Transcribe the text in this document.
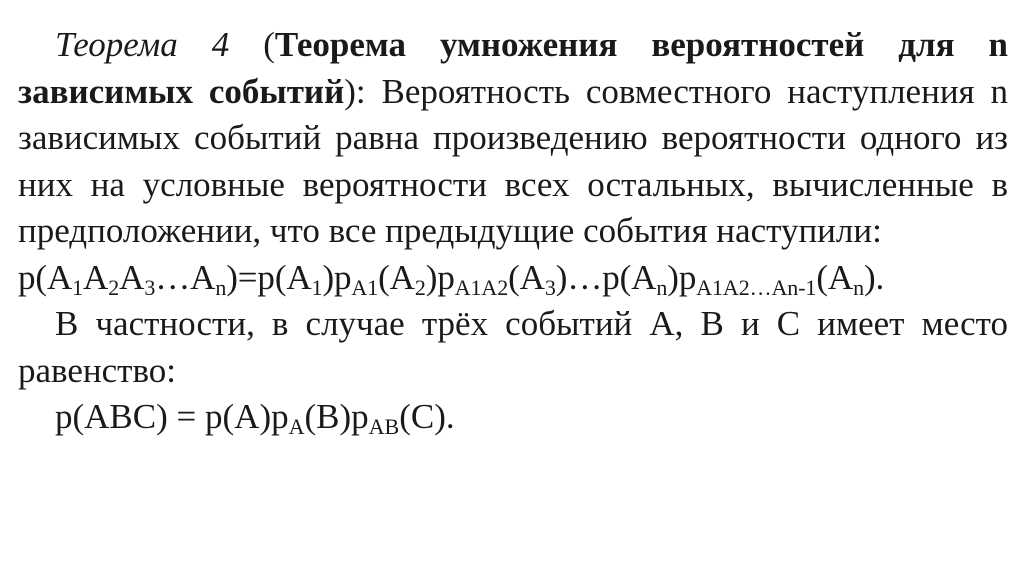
Теорема 4 (Теорема умножения вероятностей для n зависимых событий): Вероятность совместного наступления n зависимых событий равна произведению вероятности одного из них на условные вероятности всех остальных, вычисленные в предположении, что все предыдущие события наступили:

$p(A_1A_2A_3\dots A_n)=p(A_1)p_{A1}(A_2)p_{A1A2}(A_3)\dots p(A_n)p_{A1A2\dots An-1}(A_n)$.

В частности, в случае трёх событий А, В и С имеет место равенство:

$p(ABC) = p(A)p_A(B)p_{AB}(C)$.
